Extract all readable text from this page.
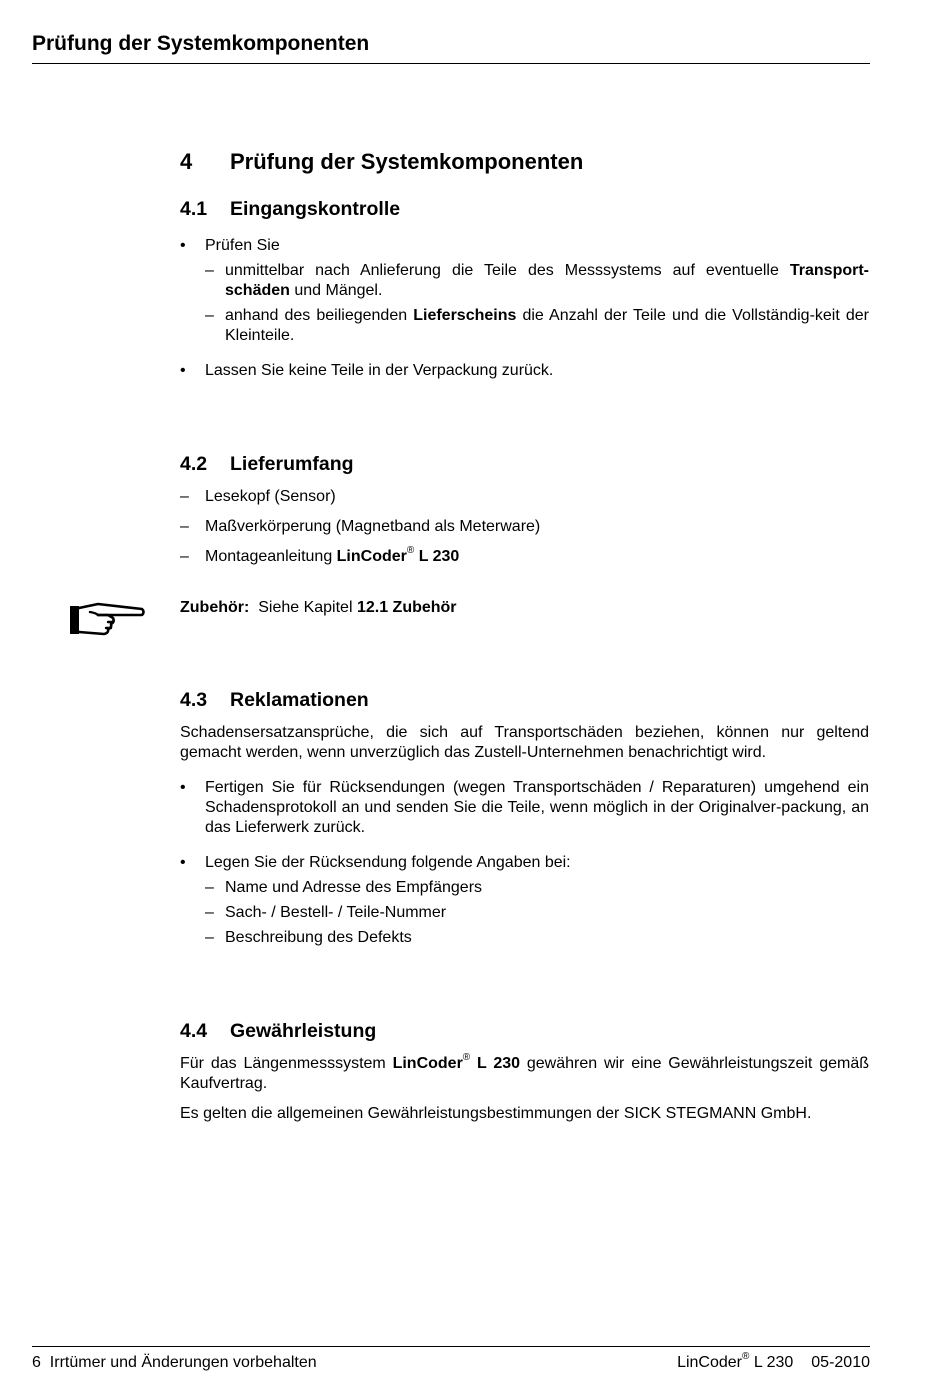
Prüfung der Systemkomponenten
4 Prüfung der Systemkomponenten
4.1 Eingangskontrolle
• Prüfen Sie
– unmittelbar nach Anlieferung die Teile des Messsystems auf eventuelle Transport-schäden und Mängel.
– anhand des beiliegenden Lieferscheins die Anzahl der Teile und die Vollständig-keit der Kleinteile.
• Lassen Sie keine Teile in der Verpackung zurück.
4.2 Lieferumfang
– Lesekopf (Sensor)
– Maßverkörperung (Magnetband als Meterware)
– Montageanleitung LinCoder® L 230
Zubehör:  Siehe Kapitel 12.1 Zubehör
4.3 Reklamationen
Schadensersatzansprüche, die sich auf Transportschäden beziehen, können nur geltend gemacht werden, wenn unverzüglich das Zustell-Unternehmen benachrichtigt wird.
• Fertigen Sie für Rücksendungen (wegen Transportschäden / Reparaturen) umgehend ein Schadensprotokoll an und senden Sie die Teile, wenn möglich in der Originalver-packung, an das Lieferwerk zurück.
• Legen Sie der Rücksendung folgende Angaben bei:
– Name und Adresse des Empfängers
– Sach- / Bestell- / Teile-Nummer
– Beschreibung des Defekts
4.4 Gewährleistung
Für das Längenmesssystem LinCoder® L 230 gewähren wir eine Gewährleistungszeit gemäß Kaufvertrag.
Es gelten die allgemeinen Gewährleistungsbestimmungen der SICK STEGMANN GmbH.
6 Irrtümer und Änderungen vorbehalten	LinCoder® L 230 05-2010
